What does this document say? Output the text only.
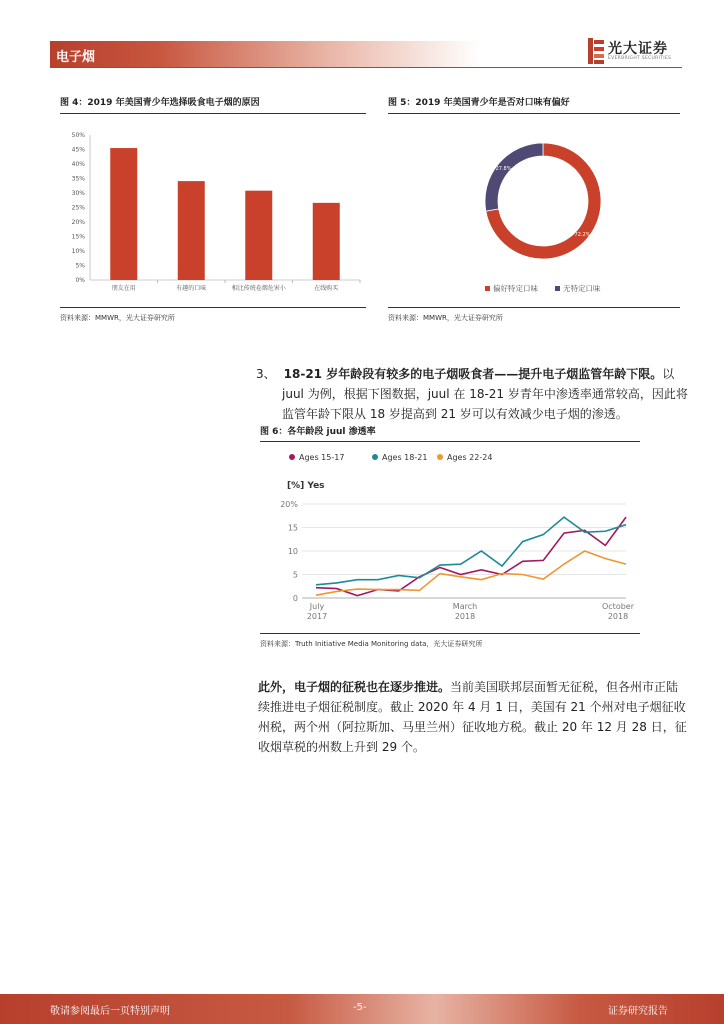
电子烟
光大证券
EVERBRIGHT SECURITIES
图 4：2019 年美国青少年选择吸食电子烟的原因
0%
5%
10%
15%
20%
25%
30%
35%
40%
45%
50%
朋友在用	有趣的口味	相比传统卷烟危害小	在线购买
资料来源：MMWR，光大证券研究所
图 5：2019 年美国青少年是否对口味有偏好
72.2%
27.8%
偏好特定口味	无特定口味
资料来源：MMWR，光大证券研究所
3、 18-21 岁年龄段有较多的电子烟吸食者——提升电子烟监管年龄下限。以
juul 为例，根据下图数据，juul 在 18-21 岁青年中渗透率通常较高，因此将
监管年龄下限从 18 岁提高到 21 岁可以有效减少电子烟的渗透。
图 6：各年龄段 juul 渗透率
Ages 15-17	Ages 18-21 Ages 22-24
[%] Yes
0
5
10
15
20%
July
2017
March
2018
October
2018
资料来源：Truth Initiative Media Monitoring data，光大证券研究所
此外，电子烟的征税也在逐步推进。当前美国联邦层面暂无征税，但各州市正陆
续推进电子烟征税制度。截止 2020 年 4 月 1 日，美国有 21 个州对电子烟征收
州税，两个州（阿拉斯加、马里兰州）征收地方税。截止 20 年 12 月 28 日，征
收烟草税的州数上升到 29 个。
敬请参阅最后一页特别声明	-5-	证券研究报告
